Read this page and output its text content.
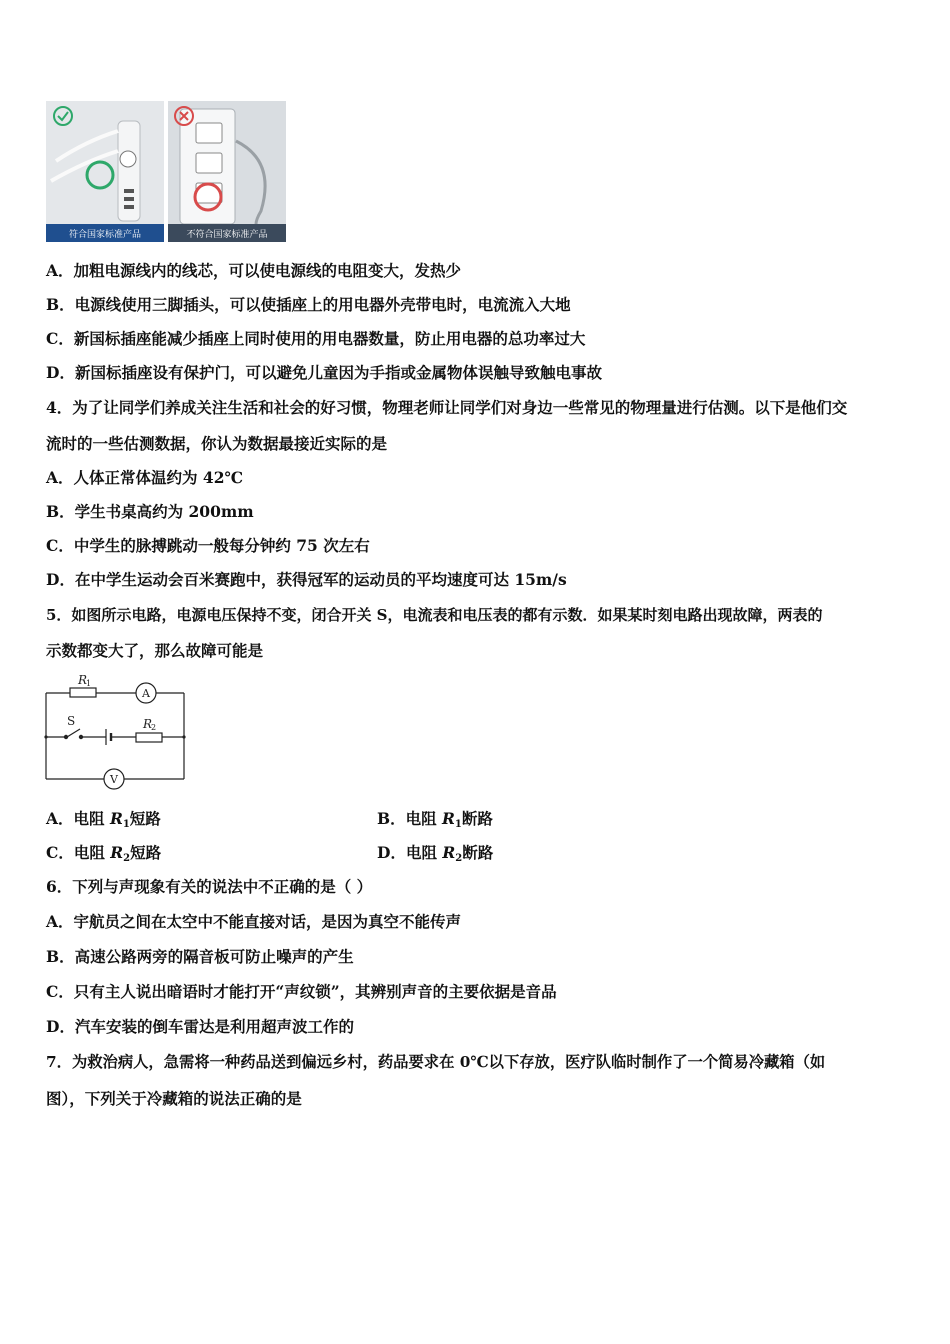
符合国家标准产品	不符合国家标准产品
A．加粗电源线内的线芯，可以使电源线的电阻变大，发热少
B．电源线使用三脚插头，可以使插座上的用电器外壳带电时，电流流入大地
C．新国标插座能减少插座上同时使用的用电器数量，防止用电器的总功率过大
D．新国标插座设有保护门，可以避免儿童因为手指或金属物体误触导致触电事故
4．为了让同学们养成关注生活和社会的好习惯，物理老师让同学们对身边一些常见的物理量进行估测。以下是他们交
流时的一些估测数据，你认为数据最接近实际的是
A．人体正常体温约为 42℃
B．学生书桌高约为 200mm
C．中学生的脉搏跳动一般每分钟约 75 次左右
D．在中学生运动会百米赛跑中，获得冠军的运动员的平均速度可达 15m/s
5．如图所示电路，电源电压保持不变，闭合开关 S，电流表和电压表的都有示数．如果某时刻电路出现故障，两表的
示数都变大了，那么故障可能是
R
1
A
S	R
2
V
A．电阻 $R_1$短路	B．电阻 $R_1$断路
C．电阻 $R_2$短路	D．电阻 $R_2$断路
6．下列与声现象有关的说法中不正确的是（ ）
A．宇航员之间在太空中不能直接对话，是因为真空不能传声
B．高速公路两旁的隔音板可防止噪声的产生
C．只有主人说出暗语时才能打开“声纹锁”，其辨别声音的主要依据是音品
D．汽车安装的倒车雷达是利用超声波工作的
7．为救治病人，急需将一种药品送到偏远乡村，药品要求在 0℃以下存放，医疗队临时制作了一个简易冷藏箱（如
图），下列关于冷藏箱的说法正确的是
